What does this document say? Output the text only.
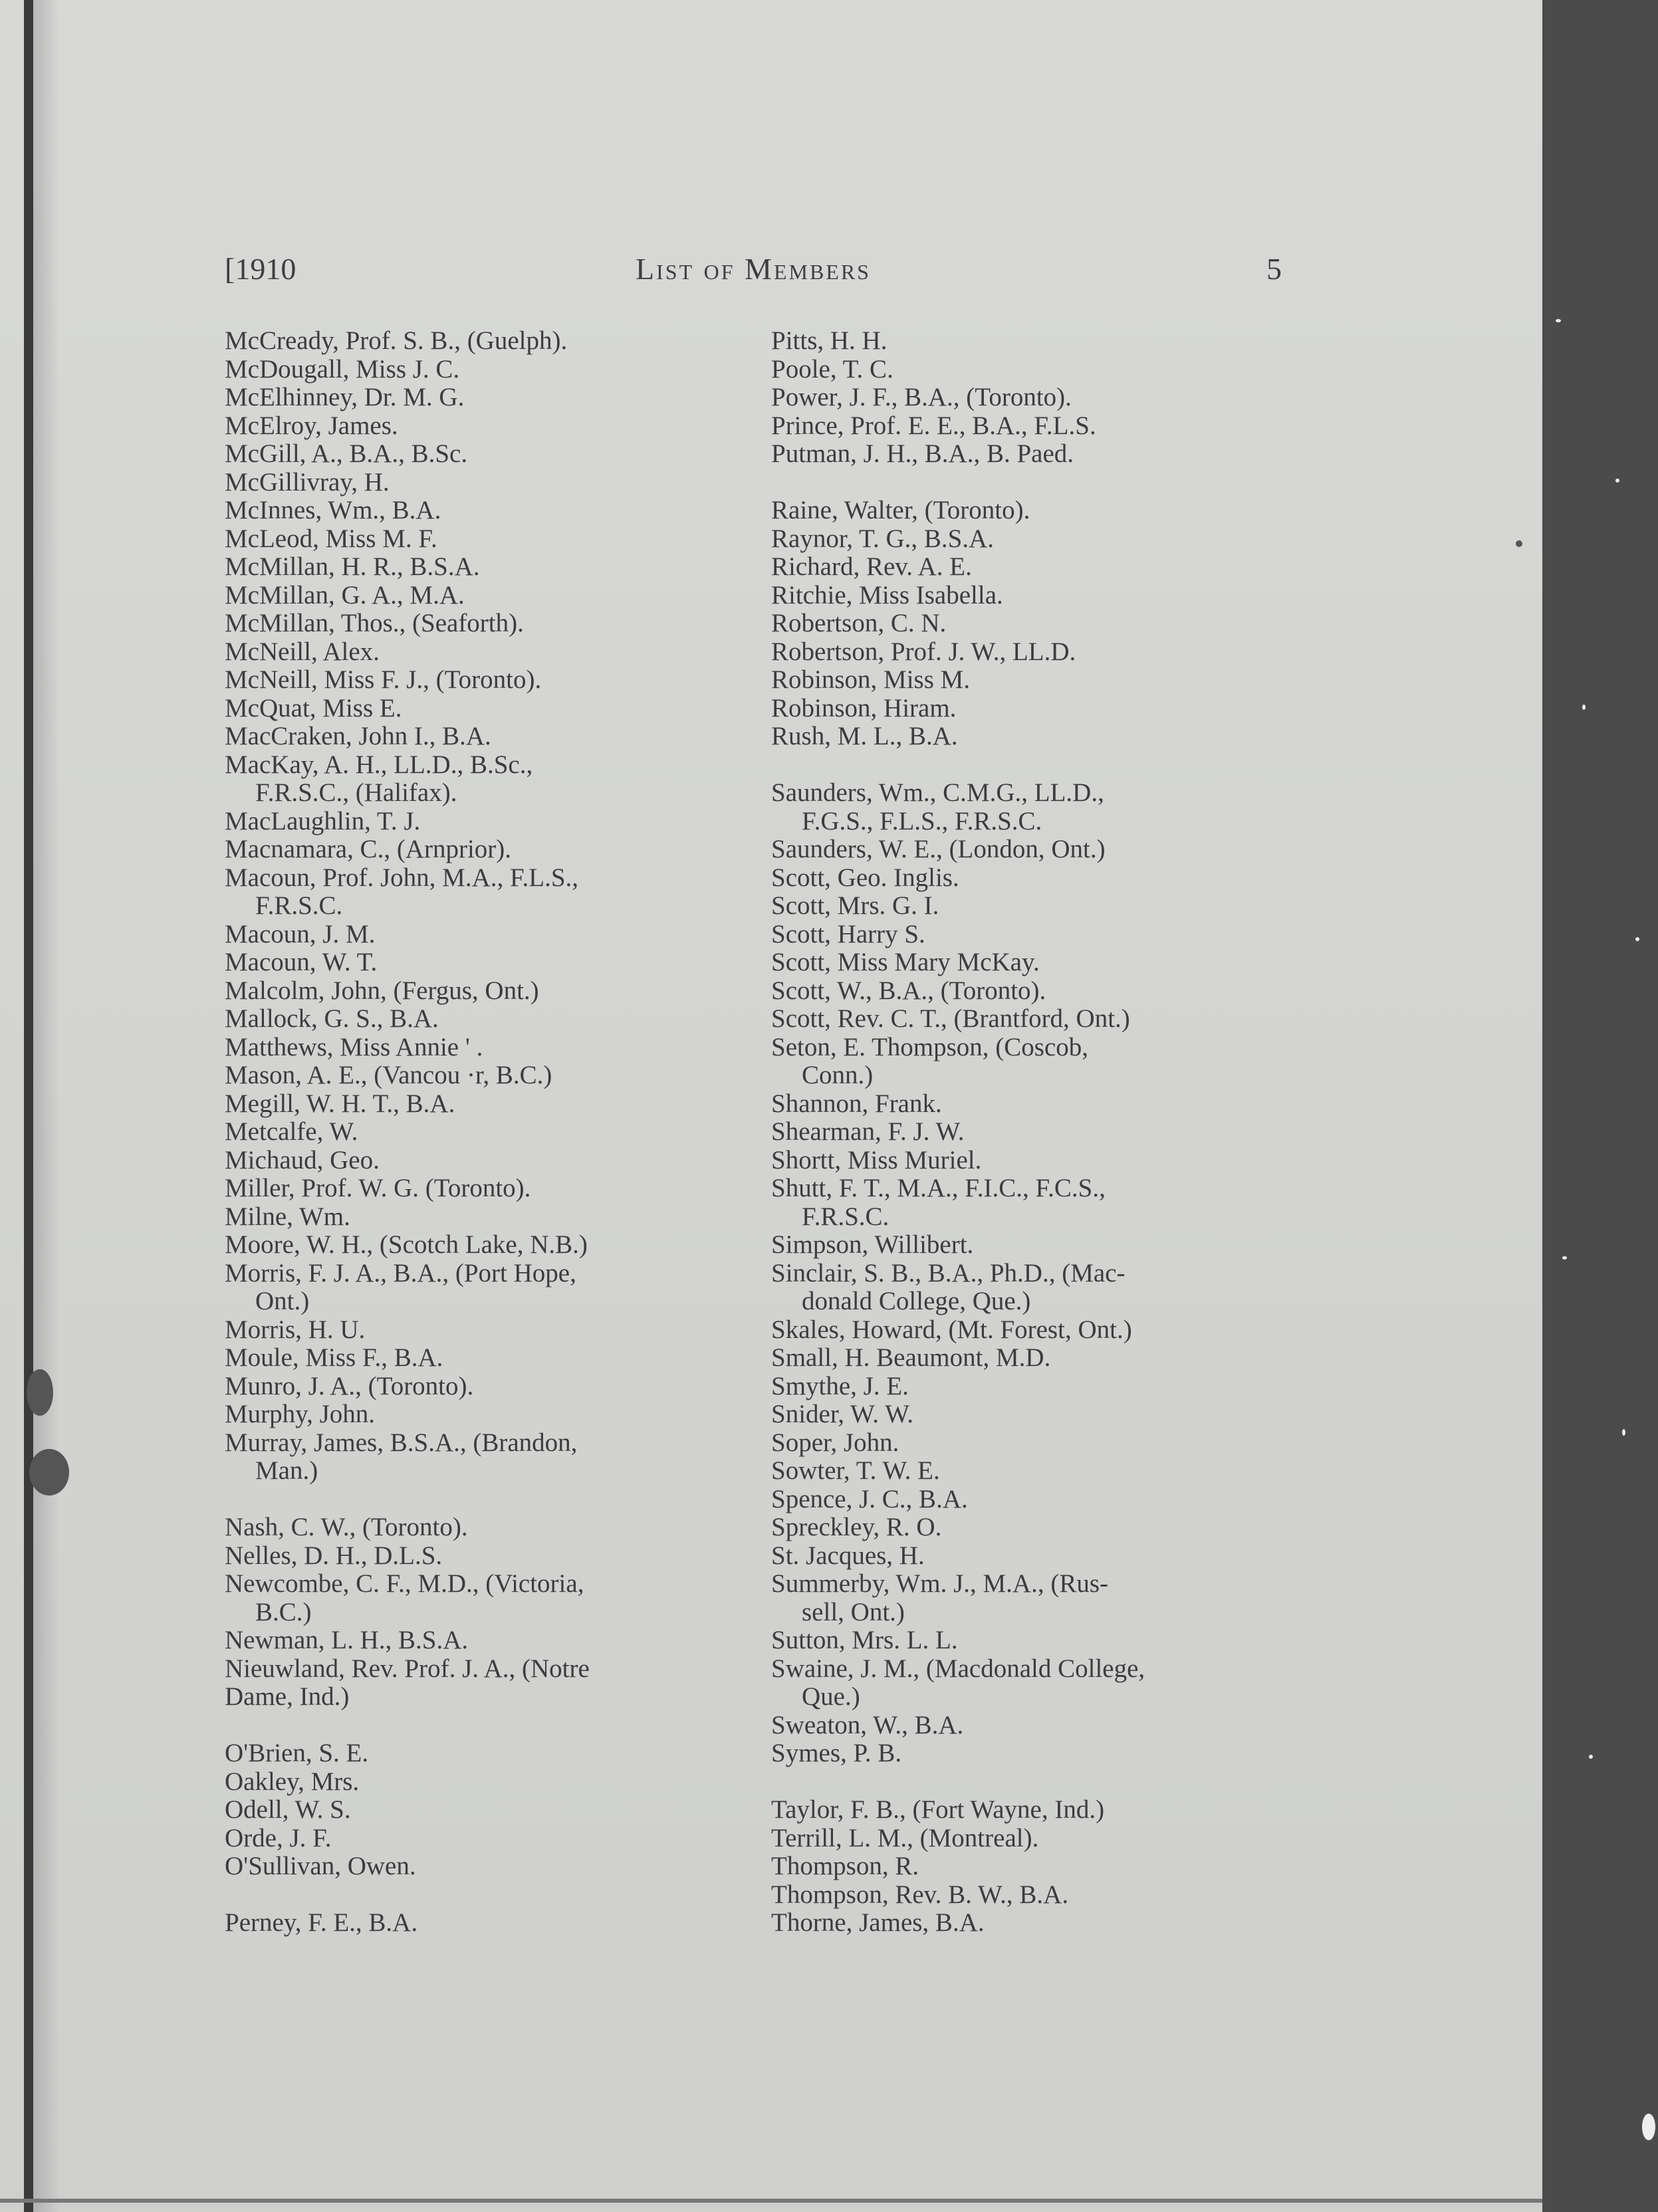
[1910	List of Members	5
McCready, Prof. S. B., (Guelph).
McDougall, Miss J. C.
McElhinney, Dr. M. G.
McElroy, James.
McGill, A., B.A., B.Sc.
McGillivray, H.
McInnes, Wm., B.A.
McLeod, Miss M. F.
McMillan, H. R., B.S.A.
McMillan, G. A., M.A.
McMillan, Thos., (Seaforth).
McNeill, Alex.
McNeill, Miss F. J., (Toronto).
McQuat, Miss E.
MacCraken, John I., B.A.
MacKay, A. H., LL.D., B.Sc.,
F.R.S.C., (Halifax).
MacLaughlin, T. J.
Macnamara, C., (Arnprior).
Macoun, Prof. John, M.A., F.L.S.,
F.R.S.C.
Macoun, J. M.
Macoun, W. T.
Malcolm, John, (Fergus, Ont.)
Mallock, G. S., B.A.
Matthews, Miss Annie ' .
Mason, A. E., (Vancou ·r, B.C.)
Megill, W. H. T., B.A.
Metcalfe, W.
Michaud, Geo.
Miller, Prof. W. G. (Toronto).
Milne, Wm.
Moore, W. H., (Scotch Lake, N.B.)
Morris, F. J. A., B.A., (Port Hope,
Ont.)
Morris, H. U.
Moule, Miss F., B.A.
Munro, J. A., (Toronto).
Murphy, John.
Murray, James, B.S.A., (Brandon,
Man.)
Nash, C. W., (Toronto).
Nelles, D. H., D.L.S.
Newcombe, C. F., M.D., (Victoria,
B.C.)
Newman, L. H., B.S.A.
Nieuwland, Rev. Prof. J. A., (Notre
Dame, Ind.)
O'Brien, S. E.
Oakley, Mrs.
Odell, W. S.
Orde, J. F.
O'Sullivan, Owen.
Perney, F. E., B.A.
Pitts, H. H.
Poole, T. C.
Power, J. F., B.A., (Toronto).
Prince, Prof. E. E., B.A., F.L.S.
Putman, J. H., B.A., B. Paed.
Raine, Walter, (Toronto).
Raynor, T. G., B.S.A.
Richard, Rev. A. E.
Ritchie, Miss Isabella.
Robertson, C. N.
Robertson, Prof. J. W., LL.D.
Robinson, Miss M.
Robinson, Hiram.
Rush, M. L., B.A.
Saunders, Wm., C.M.G., LL.D.,
F.G.S., F.L.S., F.R.S.C.
Saunders, W. E., (London, Ont.)
Scott, Geo. Inglis.
Scott, Mrs. G. I.
Scott, Harry S.
Scott, Miss Mary McKay.
Scott, W., B.A., (Toronto).
Scott, Rev. C. T., (Brantford, Ont.)
Seton, E. Thompson, (Coscob,
Conn.)
Shannon, Frank.
Shearman, F. J. W.
Shortt, Miss Muriel.
Shutt, F. T., M.A., F.I.C., F.C.S.,
F.R.S.C.
Simpson, Willibert.
Sinclair, S. B., B.A., Ph.D., (Mac-
donald College, Que.)
Skales, Howard, (Mt. Forest, Ont.)
Small, H. Beaumont, M.D.
Smythe, J. E.
Snider, W. W.
Soper, John.
Sowter, T. W. E.
Spence, J. C., B.A.
Spreckley, R. O.
St. Jacques, H.
Summerby, Wm. J., M.A., (Rus-
sell, Ont.)
Sutton, Mrs. L. L.
Swaine, J. M., (Macdonald College,
Que.)
Sweaton, W., B.A.
Symes, P. B.
Taylor, F. B., (Fort Wayne, Ind.)
Terrill, L. M., (Montreal).
Thompson, R.
Thompson, Rev. B. W., B.A.
Thorne, James, B.A.
